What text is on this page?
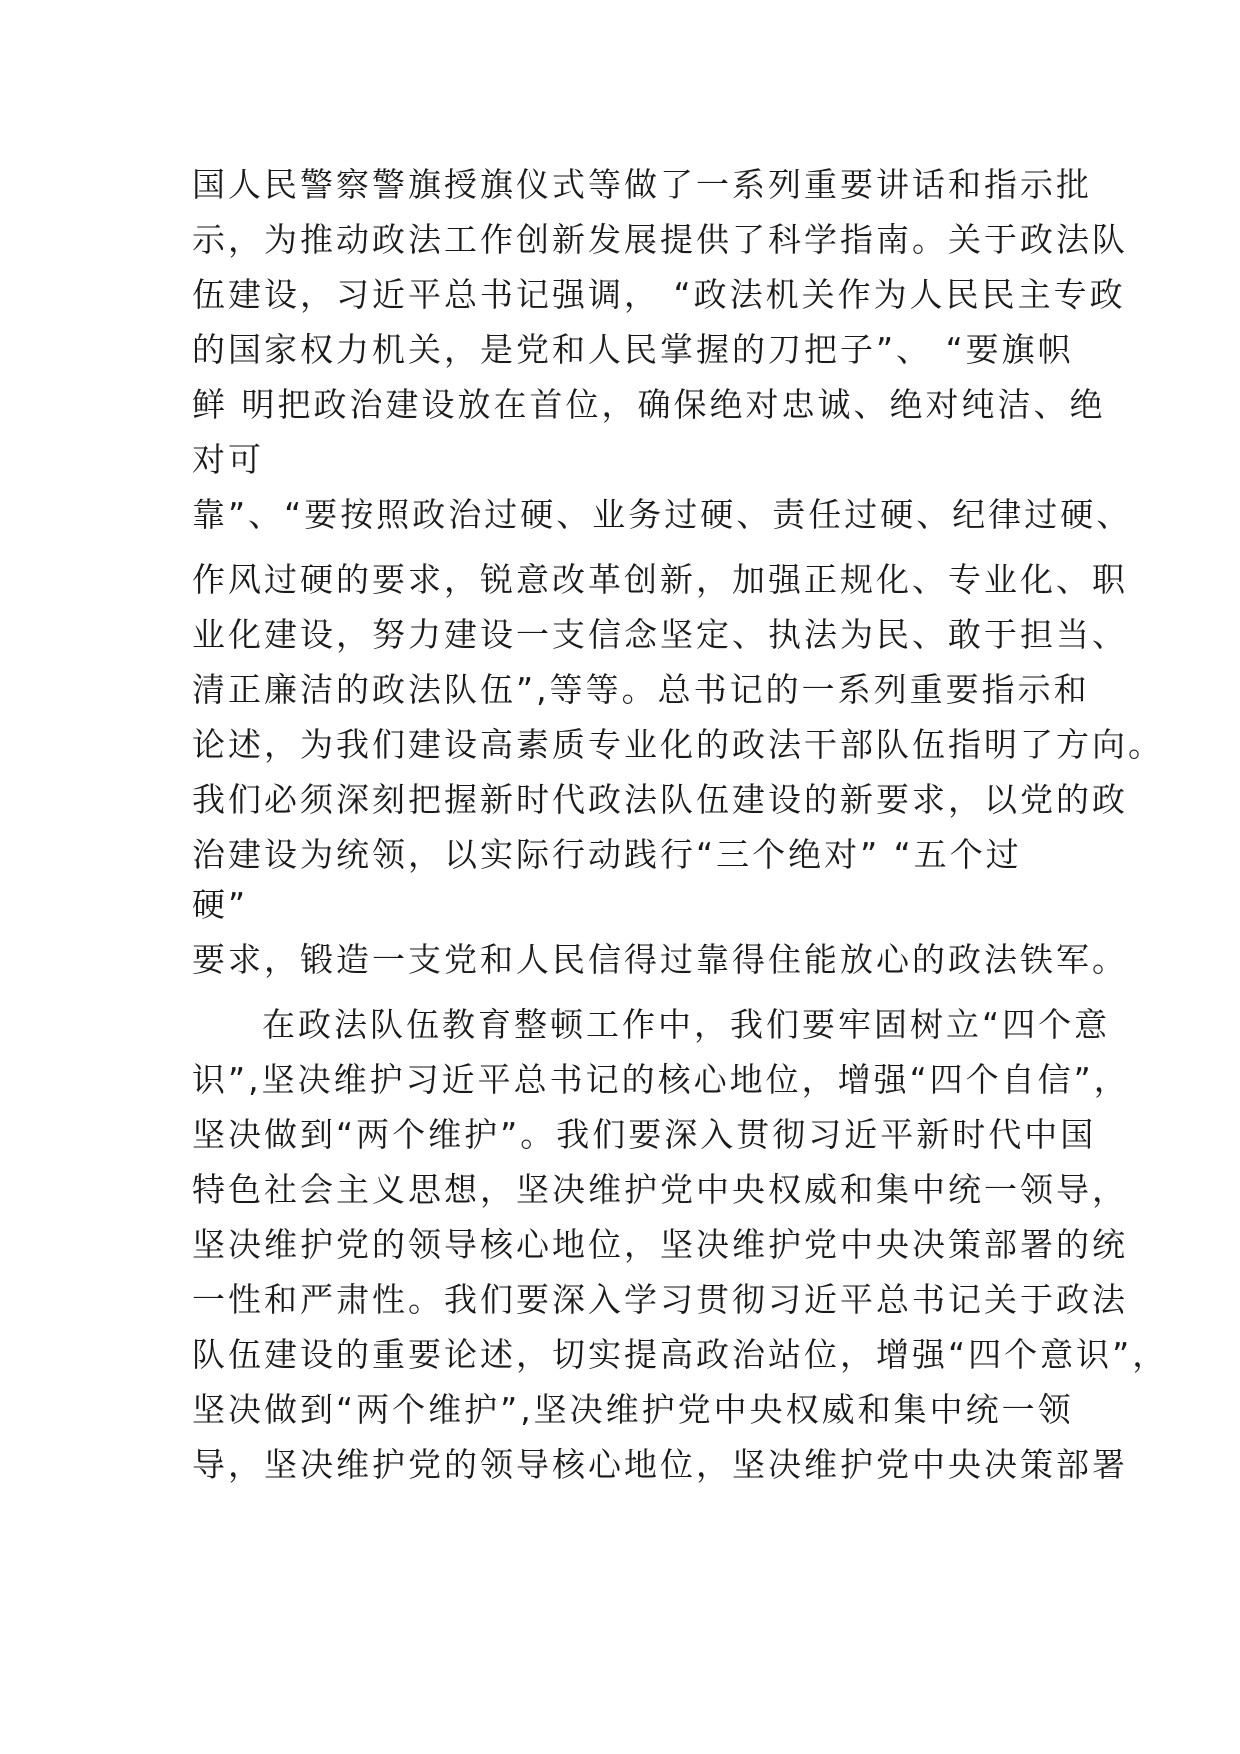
国人民警察警旗授旗仪式等做了一系列重要讲话和指示批

示，为推动政法工作创新发展提供了科学指南。关于政法队

伍建设，习近平总书记强调， “政法机关作为人民民主专政

的国家权力机关，是党和人民掌握的刀把子”、 “要旗帜

鲜 明把政治建设放在首位，确保绝对忠诚、绝对纯洁、绝

对可

靠”、“要按照政治过硬、业务过硬、责任过硬、纪律过硬、

作风过硬的要求，锐意改革创新，加强正规化、专业化、职

业化建设，努力建设一支信念坚定、执法为民、敢于担当、

清正廉洁的政法队伍”,等等。总书记的一系列重要指示和

论述，为我们建设高素质专业化的政法干部队伍指明了方向。

我们必须深刻把握新时代政法队伍建设的新要求，以党的政

治建设为统领，以实际行动践行“三个绝对” “五个过

硬”

要求，锻造一支党和人民信得过靠得住能放心的政法铁军。

在政法队伍教育整顿工作中，我们要牢固树立“四个意

识”,坚决维护习近平总书记的核心地位，增强“四个自信”，

坚决做到“两个维护”。我们要深入贯彻习近平新时代中国

特色社会主义思想，坚决维护党中央权威和集中统一领导，

坚决维护党的领导核心地位，坚决维护党中央决策部署的统

一性和严肃性。我们要深入学习贯彻习近平总书记关于政法

队伍建设的重要论述，切实提高政治站位，增强“四个意识”，

坚决做到“两个维护”,坚决维护党中央权威和集中统一领

导，坚决维护党的领导核心地位，坚决维护党中央决策部署
